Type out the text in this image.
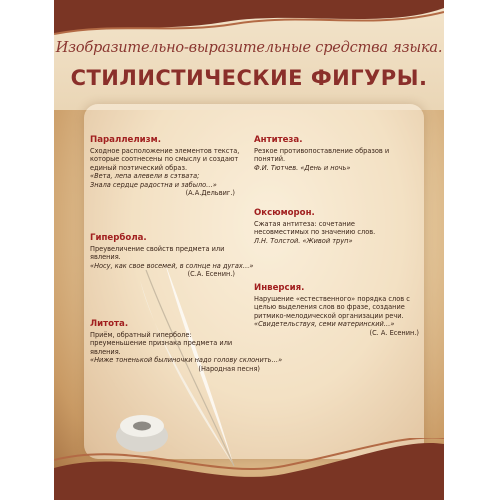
Изобразительно-выразительные средства языка.
СТИЛИСТИЧЕСКИЕ ФИГУРЫ.
Параллелизм.
Сходное расположение элементов текста,
которые соотнесены по смыслу и создают
единый поэтический образ.
«Вета, лепа алевели в сэтвата;
Знала сердце радостна и забыло…»
(А.А.Дельвиг.)
Гипербола.
Преувеличение свойств предмета или
явления.
«Носу, как свое восемей, в солнце на дугах…»
(С.А. Есенин.)
Литота.
Приём, обратный гиперболе:
преуменьшение признака предмета или
явления.
«Ниже тоненькой былиночки надо голову склонить…»
(Народная песня)
Антитеза.
Резкое противопоставление образов и
понятий.
Ф.И. Тютчев. «День и ночь»
Оксюморон.
Сжатая антитеза: сочетание
несовместимых по значению слов.
Л.Н. Толстой. «Живой труп»
Инверсия.
Нарушение «естественного» порядка слов с
целью выделения слов во фразе, создание
ритмико-мелодической организации речи.
«Свидетельствуя, семи материнский…»
(С. А. Есенин.)
